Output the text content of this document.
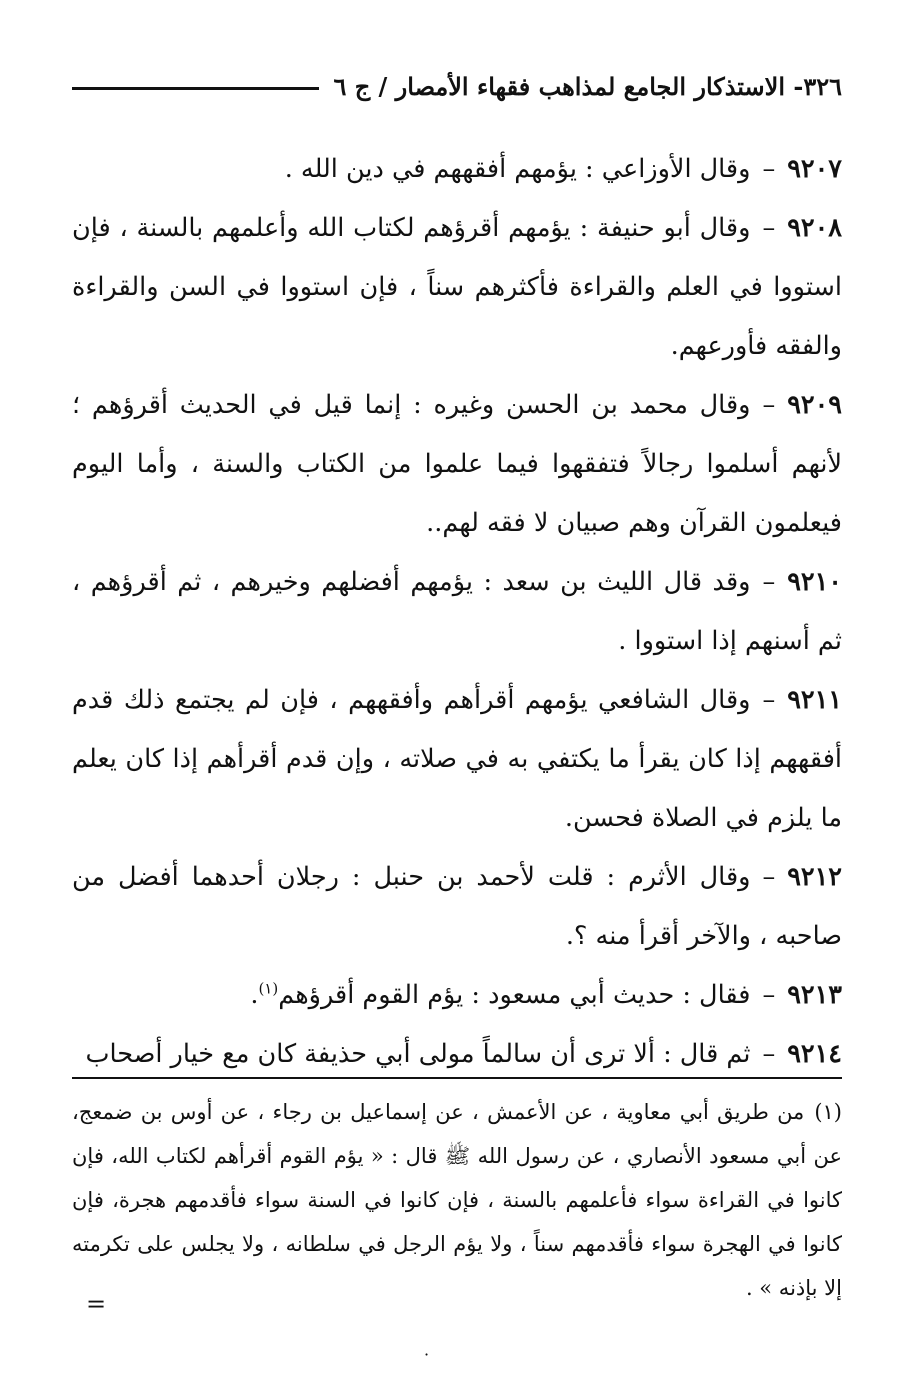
٣٢٦- الاستذكار الجامع لمذاهب فقهاء الأمصار / ج ٦

٩٢٠٧–وقال الأوزاعي : يؤمهم أفقههم في دين الله .

٩٢٠٨–وقال أبو حنيفة : يؤمهم أقرؤهم لكتاب الله وأعلمهم بالسنة ، فإن استووا في العلم والقراءة فأكثرهم سناً ، فإن استووا في السن والقراءة والفقه فأورعهم.

٩٢٠٩–وقال محمد بن الحسن وغيره : إنما قيل في الحديث أقرؤهم ؛لأنهم أسلموا رجالاً فتفقهوا فيما علموا من الكتاب والسنة ، وأما اليوم فيعلمون القرآن وهم صبيان لا فقه لهم..

٩٢١٠–وقد قال الليث بن سعد : يؤمهم أفضلهم وخيرهم ، ثم أقرؤهم ، ثم أسنهم إذا استووا .

٩٢١١–وقال الشافعي يؤمهم أقرأهم وأفقههم ، فإن لم يجتمع ذلك قدم أفقههم إذا كان يقرأ ما يكتفي به في صلاته ، وإن قدم أقرأهم إذا كان يعلم ما يلزم في الصلاة فحسن.

٩٢١٢–وقال الأثرم : قلت لأحمد بن حنبل : رجلان أحدهما أفضل من صاحبه ، والآخر أقرأ منه ؟.

٩٢١٣–فقال : حديث أبي مسعود : يؤم القوم أقرؤهم$^{(١)}$.

٩٢١٤–ثم قال : ألا ترى أن سالماً مولى أبي حذيفة كان مع خيار أصحاب

(١)من طريق أبي معاوية ، عن الأعمش ، عن إسماعيل بن رجاء ، عن أوس بن ضمعج، عن أبي مسعود الأنصاري ، عن رسول الله ﷺ قال : « يؤم القوم أقرأهم لكتاب الله، فإن كانوا في القراءة سواء فأعلمهم بالسنة ، فإن كانوا في السنة سواء فأقدمهم هجرة، فإن كانوا في الهجرة سواء فأقدمهم سناً ، ولا يؤم الرجل في سلطانه ، ولا يجلس على تكرمته إلا بإذنه » .
=
·
